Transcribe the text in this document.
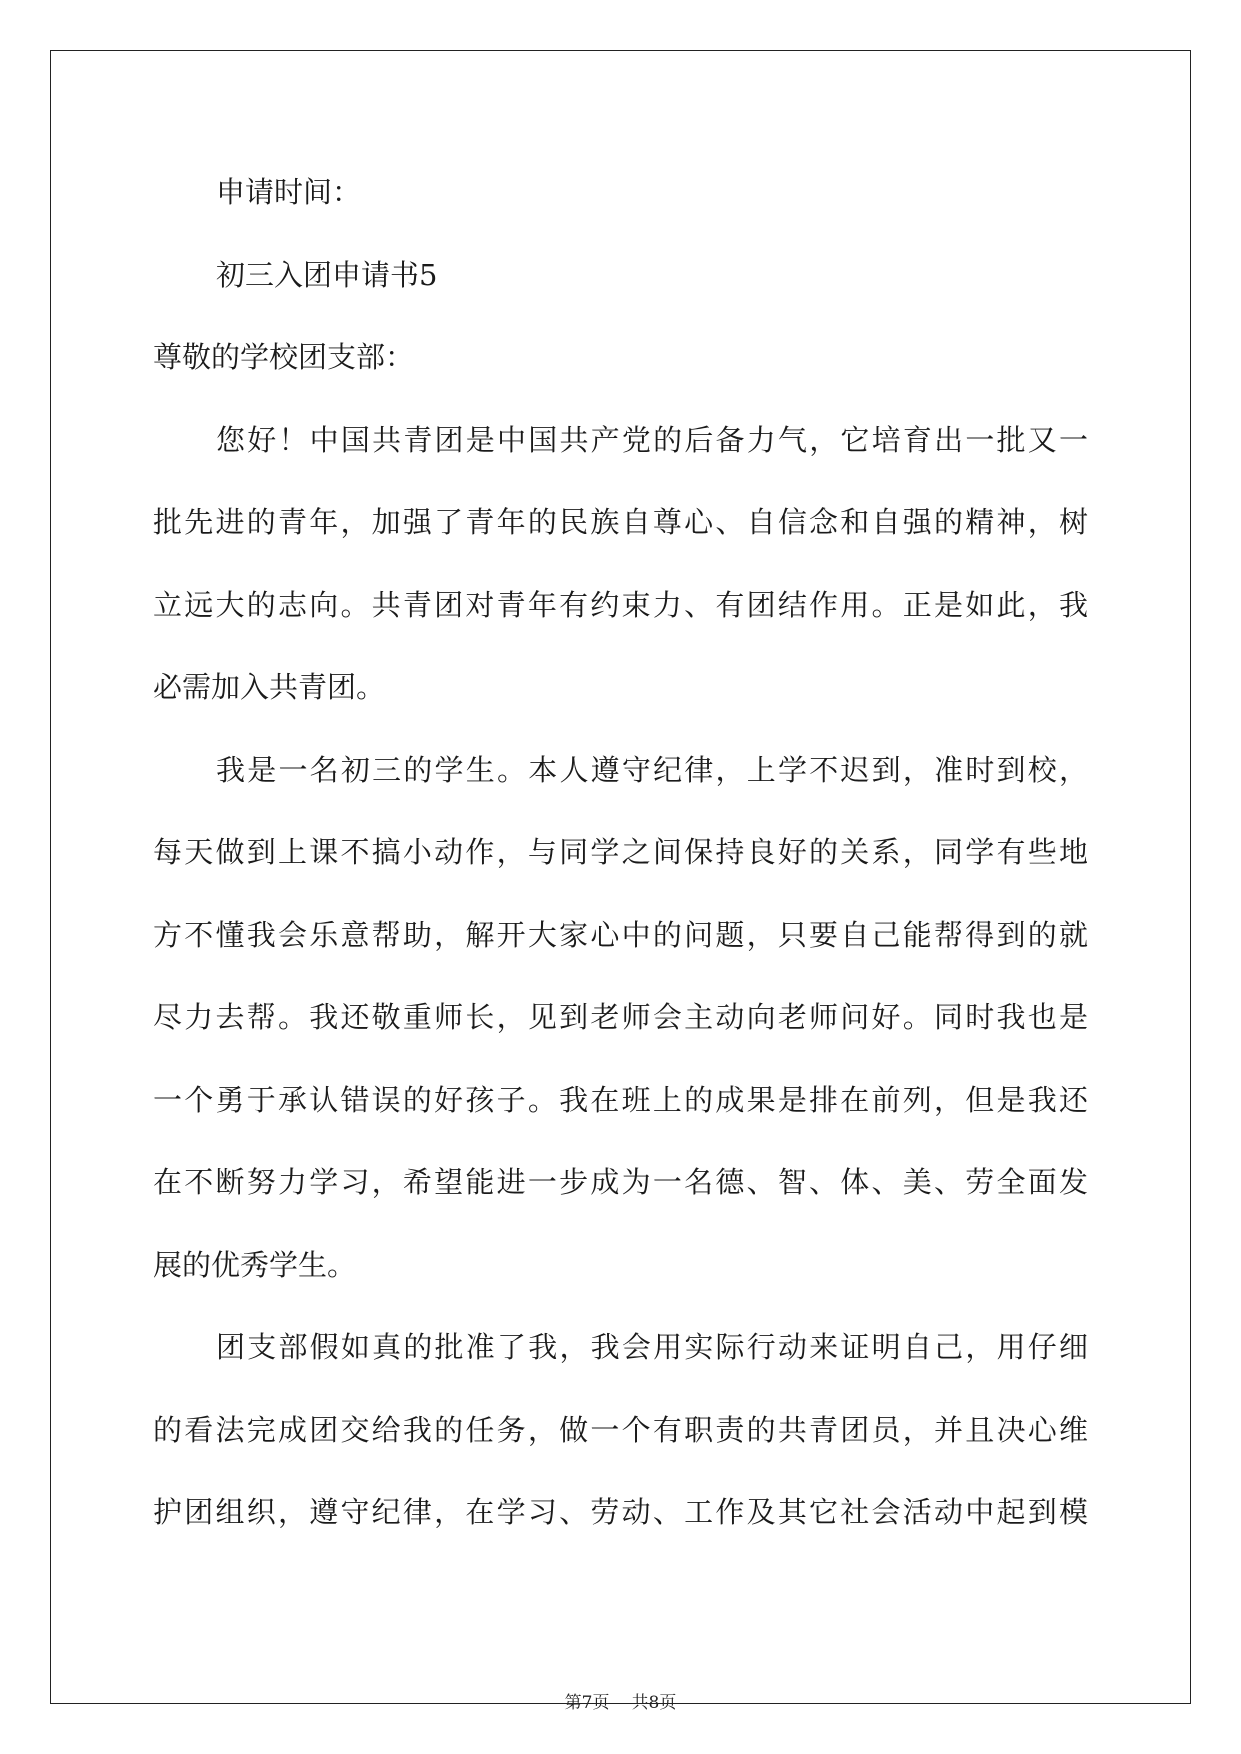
申请时间：
初三入团申请书5
尊敬的学校团支部：
您好！中国共青团是中国共产党的后备力气，它培育出一批又一
批先进的青年，加强了青年的民族自尊心、自信念和自强的精神，树
立远大的志向。共青团对青年有约束力、有团结作用。正是如此，我
必需加入共青团。
我是一名初三的学生。本人遵守纪律，上学不迟到，准时到校，
每天做到上课不搞小动作，与同学之间保持良好的关系，同学有些地
方不懂我会乐意帮助，解开大家心中的问题，只要自己能帮得到的就
尽力去帮。我还敬重师长，见到老师会主动向老师问好。同时我也是
一个勇于承认错误的好孩子。我在班上的成果是排在前列，但是我还
在不断努力学习，希望能进一步成为一名德、智、体、美、劳全面发
展的优秀学生。
团支部假如真的批准了我，我会用实际行动来证明自己，用仔细
的看法完成团交给我的任务，做一个有职责的共青团员，并且决心维
护团组织，遵守纪律，在学习、劳动、工作及其它社会活动中起到模
第7页 共8页
